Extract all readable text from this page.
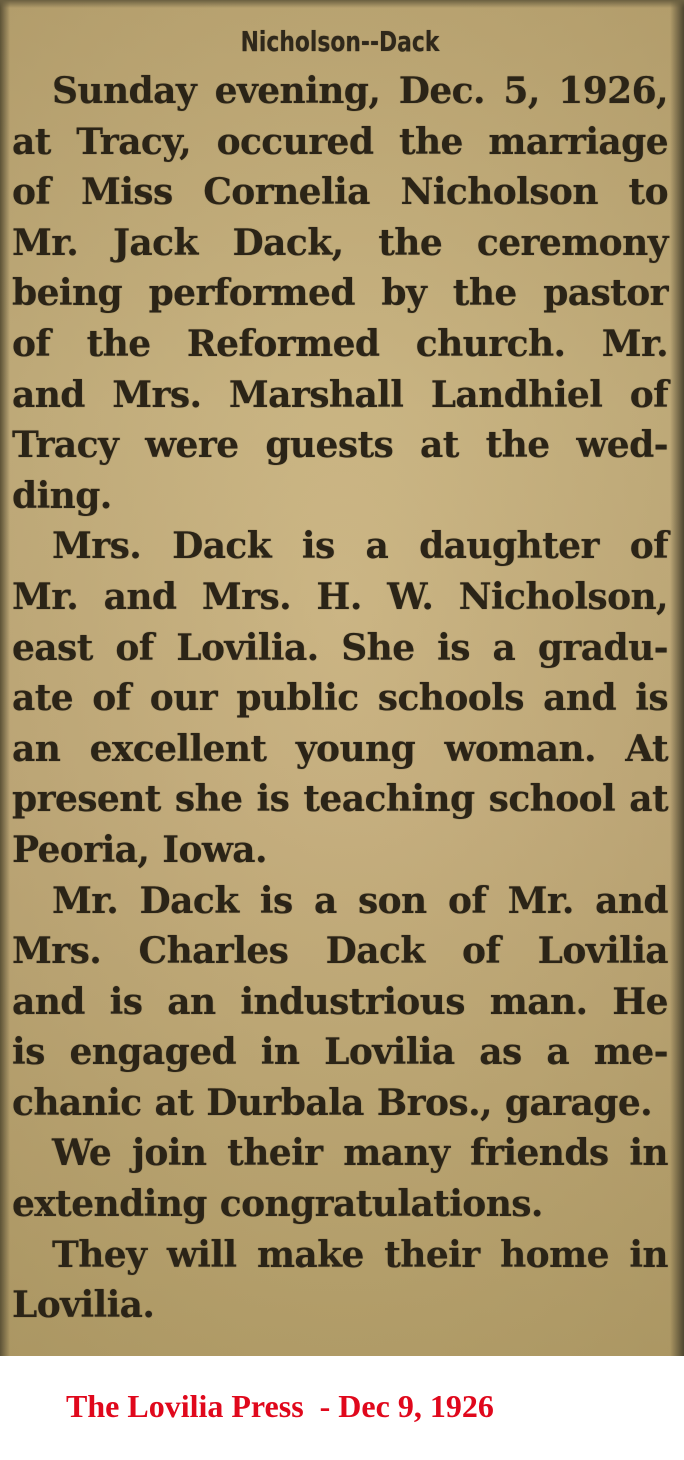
Nicholson--Dack
Sunday evening, Dec. 5, 1926,
at Tracy, occured the marriage
of Miss Cornelia Nicholson to
Mr. Jack Dack, the ceremony
being performed by the pastor
of the Reformed church. Mr.
and Mrs. Marshall Landhiel of
Tracy were guests at the wed-
ding.
Mrs. Dack is a daughter of
Mr. and Mrs. H. W. Nicholson,
east of Lovilia. She is a gradu-
ate of our public schools and is
an excellent young woman. At
present she is teaching school at
Peoria, Iowa.
Mr. Dack is a son of Mr. and
Mrs. Charles Dack of Lovilia
and is an industrious man. He
is engaged in Lovilia as a me-
chanic at Durbala Bros., garage.
We join their many friends in
extending congratulations.
They will make their home in
Lovilia.
The Lovilia Press  - Dec 9, 1926
